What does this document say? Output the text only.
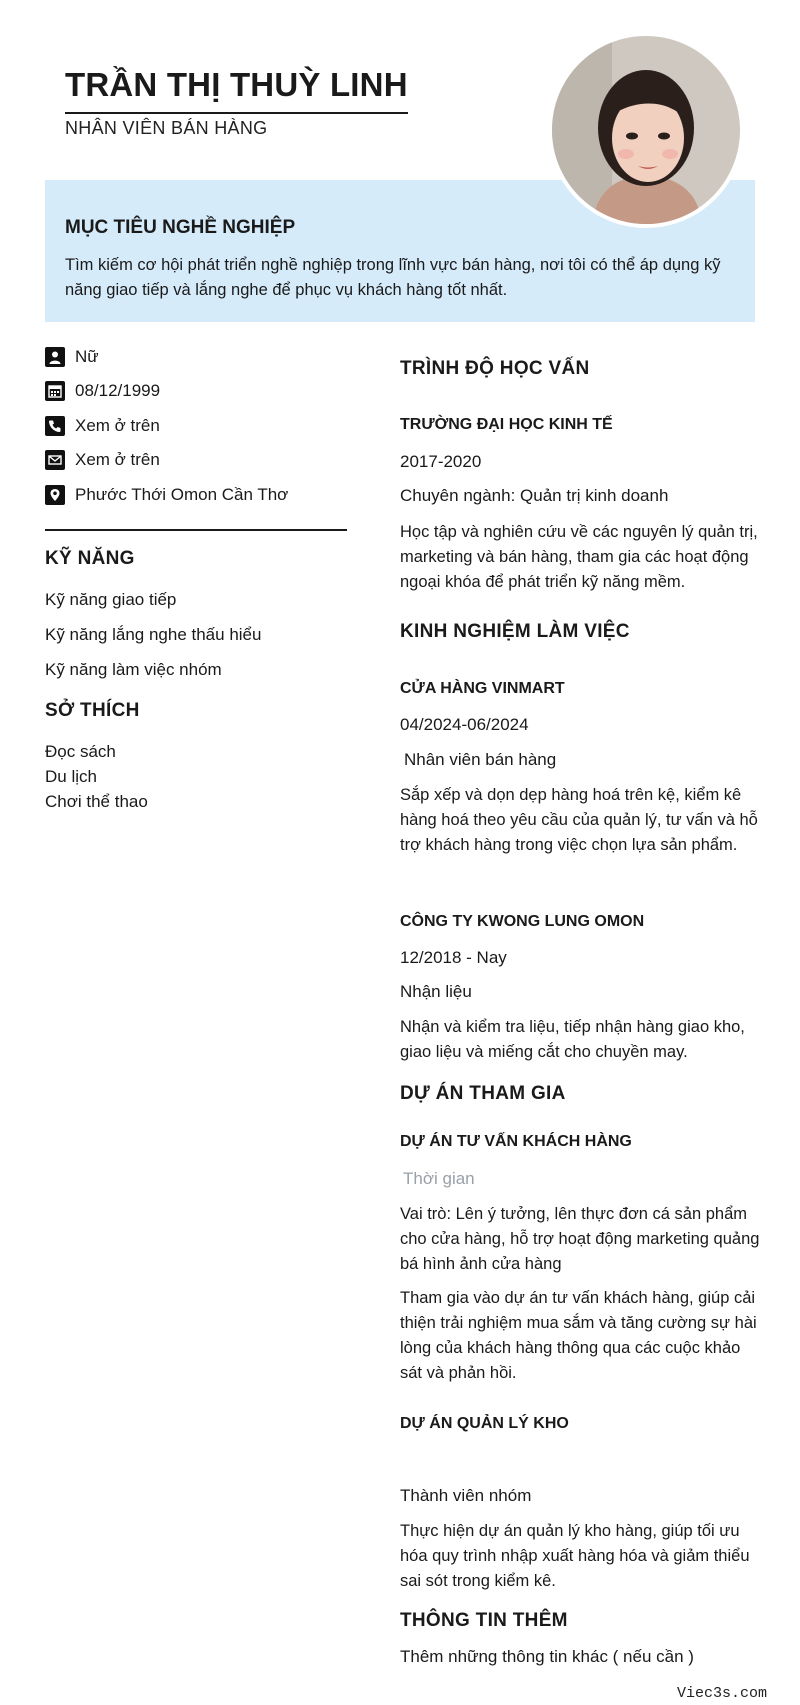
TRẦN THỊ THUỲ LINH
NHÂN VIÊN BÁN HÀNG
MỤC TIÊU NGHỀ NGHIỆP
Tìm kiếm cơ hội phát triển nghề nghiệp trong lĩnh vực bán hàng, nơi tôi có thể áp dụng kỹ năng giao tiếp và lắng nghe để phục vụ khách hàng tốt nhất.
Nữ
08/12/1999
Xem ở trên
Xem ở trên
Phước Thới Omon Cần Thơ
KỸ NĂNG
Kỹ năng giao tiếp
Kỹ năng lắng nghe thấu hiểu
Kỹ năng làm việc nhóm
SỞ THÍCH
Đọc sách
Du lịch
Chơi thể thao
TRÌNH ĐỘ HỌC VẤN
TRƯỜNG ĐẠI HỌC KINH TẾ
2017-2020
Chuyên ngành: Quản trị kinh doanh
Học tập và nghiên cứu về các nguyên lý quản trị, marketing và bán hàng, tham gia các hoạt động ngoại khóa để phát triển kỹ năng mềm.
KINH NGHIỆM LÀM VIỆC
CỬA HÀNG VINMART
04/2024-06/2024
Nhân viên bán hàng
Sắp xếp và dọn dẹp hàng hoá trên kệ, kiểm kê hàng hoá theo yêu cầu của quản lý, tư vấn và hỗ trợ khách hàng trong việc chọn lựa sản phẩm.
CÔNG TY KWONG LUNG OMON
12/2018 - Nay
Nhận liệu
Nhận và kiểm tra liệu, tiếp nhận hàng giao kho, giao liệu và miếng cắt cho chuyền may.
DỰ ÁN THAM GIA
DỰ ÁN TƯ VẤN KHÁCH HÀNG
Thời gian
Vai trò: Lên ý tưởng, lên thực đơn cá sản phẩm cho cửa hàng, hỗ trợ hoạt động marketing quảng bá hình ảnh cửa hàng
Tham gia vào dự án tư vấn khách hàng, giúp cải thiện trải nghiệm mua sắm và tăng cường sự hài lòng của khách hàng thông qua các cuộc khảo sát và phản hồi.
DỰ ÁN QUẢN LÝ KHO
Thành viên nhóm
Thực hiện dự án quản lý kho hàng, giúp tối ưu hóa quy trình nhập xuất hàng hóa và giảm thiểu sai sót trong kiểm kê.
THÔNG TIN THÊM
Thêm những thông tin khác ( nếu cần )
Viec3s.com
